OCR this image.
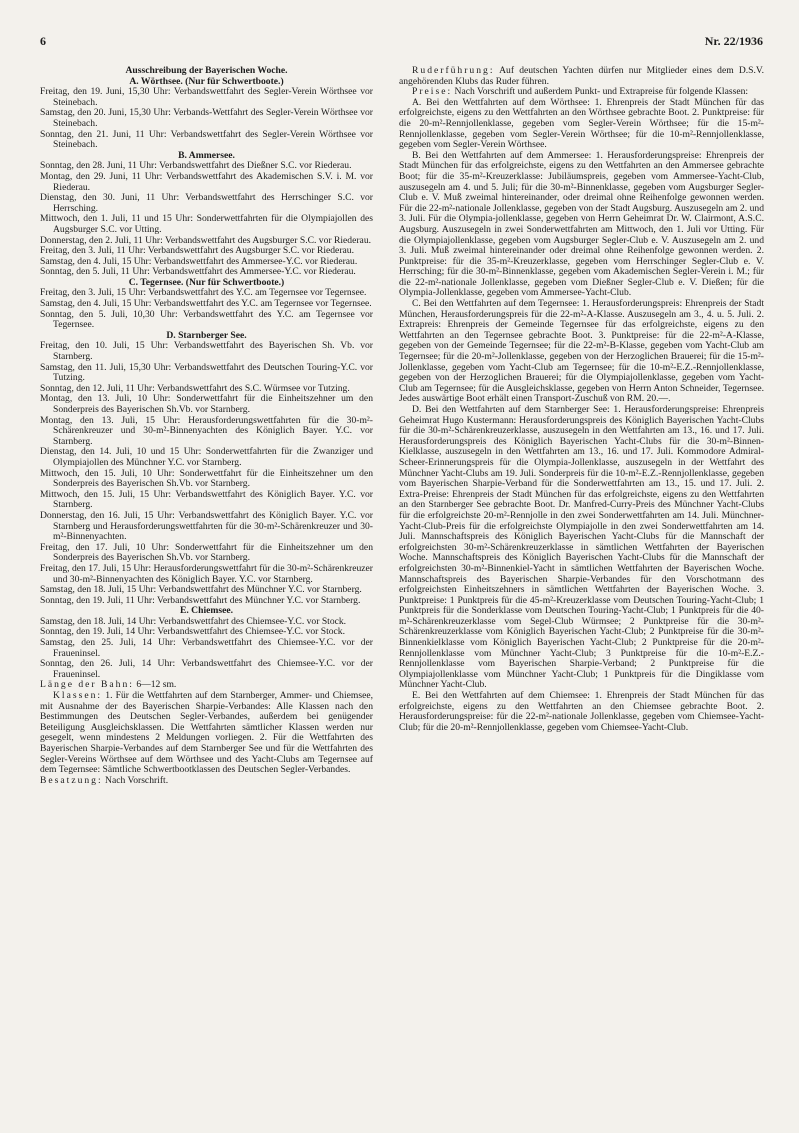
6	Nr. 22/1936

Ausschreibung der Bayerischen Woche.

A. Wörthsee. (Nur für Schwertboote.)

Freitag, den 19. Juni, 15,30 Uhr: Verbandswettfahrt des Segler-Verein Wörthsee vor Steinebach.

Samstag, den 20. Juni, 15,30 Uhr: Verbands-Wettfahrt des Segler-Verein Wörthsee vor Steinebach.

Sonntag, den 21. Juni, 11 Uhr: Verbandswettfahrt des Segler-Verein Wörthsee vor Steinebach.

B. Ammersee.

Sonntag, den 28. Juni, 11 Uhr: Verbandswettfahrt des Dießner S.C. vor Riederau.

Montag, den 29. Juni, 11 Uhr: Verbandswettfahrt des Akademischen S.V. i. M. vor Riederau.

Dienstag, den 30. Juni, 11 Uhr: Verbandswettfahrt des Herrschinger S.C. vor Herrsching.

Mittwoch, den 1. Juli, 11 und 15 Uhr: Sonderwettfahrten für die Olympiajollen des Augsburger S.C. vor Utting.

Donnerstag, den 2. Juli, 11 Uhr: Verbandswettfahrt des Augsburger S.C. vor Riederau.

Freitag, den 3. Juli, 11 Uhr: Verbandswettfahrt des Augsburger S.C. vor Riederau.

Samstag, den 4. Juli, 15 Uhr: Verbandswettfahrt des Ammersee-Y.C. vor Riederau.

Sonntag, den 5. Juli, 11 Uhr: Verbandswettfahrt des Ammersee-Y.C. vor Riederau.

C. Tegernsee. (Nur für Schwertboote.)

Freitag, den 3. Juli, 15 Uhr: Verbandswettfahrt des Y.C. am Tegernsee vor Tegernsee.

Samstag, den 4. Juli, 15 Uhr: Verbandswettfahrt des Y.C. am Tegernsee vor Tegernsee.

Sonntag, den 5. Juli, 10,30 Uhr: Verbandswettfahrt des Y.C. am Tegernsee vor Tegernsee.

D. Starnberger See.

Freitag, den 10. Juli, 15 Uhr: Verbandswettfahrt des Bayerischen Sh. Vb. vor Starnberg.

Samstag, den 11. Juli, 15,30 Uhr: Verbandswettfahrt des Deutschen Touring-Y.C. vor Tutzing.

Sonntag, den 12. Juli, 11 Uhr: Verbandswettfahrt des S.C. Würmsee vor Tutzing.

Montag, den 13. Juli, 10 Uhr: Sonderwettfahrt für die Einheitszehner um den Sonderpreis des Bayerischen Sh.Vb. vor Starnberg.

Montag, den 13. Juli, 15 Uhr: Herausforderungswettfahrten für die 30-m²-Schärenkreuzer und 30-m²-Binnenyachten des Königlich Bayer. Y.C. vor Starnberg.

Dienstag, den 14. Juli, 10 und 15 Uhr: Sonderwettfahrten für die Zwanziger und Olympiajollen des Münchner Y.C. vor Starnberg.

Mittwoch, den 15. Juli, 10 Uhr: Sonderwettfahrt für die Einheitszehner um den Sonderpreis des Bayerischen Sh.Vb. vor Starnberg.

Mittwoch, den 15. Juli, 15 Uhr: Verbandswettfahrt des Königlich Bayer. Y.C. vor Starnberg.

Donnerstag, den 16. Juli, 15 Uhr: Verbandswettfahrt des Königlich Bayer. Y.C. vor Starnberg und Herausforderungswettfahrten für die 30-m²-Schärenkreuzer und 30-m²-Binnenyachten.

Freitag, den 17. Juli, 10 Uhr: Sonderwettfahrt für die Einheitszehner um den Sonderpreis des Bayerischen Sh.Vb. vor Starnberg.

Freitag, den 17. Juli, 15 Uhr: Herausforderungswettfahrt für die 30-m²-Schärenkreuzer und 30-m²-Binnenyachten des Königlich Bayer. Y.C. vor Starnberg.

Samstag, den 18. Juli, 15 Uhr: Verbandswettfahrt des Münchner Y.C. vor Starnberg.

Sonntag, den 19. Juli, 11 Uhr: Verbandswettfahrt des Münchner Y.C. vor Starnberg.

E. Chiemsee.

Samstag, den 18. Juli, 14 Uhr: Verbandswettfahrt des Chiemsee-Y.C. vor Stock.

Sonntag, den 19. Juli, 14 Uhr: Verbandswettfahrt des Chiemsee-Y.C. vor Stock.

Samstag, den 25. Juli, 14 Uhr: Verbandswettfahrt des Chiemsee-Y.C. vor der Fraueninsel.

Sonntag, den 26. Juli, 14 Uhr: Verbandswettfahrt des Chiemsee-Y.C. vor der Fraueninsel.

Länge der Bahn: 6—12 sm.

Klassen: 1. Für die Wettfahrten auf dem Starnberger, Ammer- und Chiemsee, mit Ausnahme der des Bayerischen Sharpie-Verbandes: Alle Klassen nach den Bestimmungen des Deutschen Segler-Verbandes, außerdem bei genügender Beteiligung Ausgleichsklassen. Die Wettfahrten sämtlicher Klassen werden nur gesegelt, wenn mindestens 2 Meldungen vorliegen. 2. Für die Wettfahrten des Bayerischen Sharpie-Verbandes auf dem Starnberger See und für die Wettfahrten des Segler-Vereins Wörthsee auf dem Wörthsee und des Yacht-Clubs am Tegernsee auf dem Tegernsee: Sämtliche Schwertbootklassen des Deutschen Segler-Verbandes.

Besatzung: Nach Vorschrift.

Ruderführung: Auf deutschen Yachten dürfen nur Mitglieder eines dem D.S.V. angehörenden Klubs das Ruder führen.

Preise: Nach Vorschrift und außerdem Punkt- und Extrapreise für folgende Klassen:

A. Bei den Wettfahrten auf dem Wörthsee: 1. Ehrenpreis der Stadt München für das erfolgreichste, eigens zu den Wettfahrten an den Wörthsee gebrachte Boot. 2. Punktpreise: für die 20-m²-Rennjollenklasse, gegeben vom Segler-Verein Wörthsee; für die 15-m²-Rennjollenklasse, gegeben vom Segler-Verein Wörthsee; für die 10-m²-Rennjollenklasse, gegeben vom Segler-Verein Wörthsee.

B. Bei den Wettfahrten auf dem Ammersee: 1. Herausforderungspreise: Ehrenpreis der Stadt München für das erfolgreichste, eigens zu den Wettfahrten an den Ammersee gebrachte Boot; für die 35-m²-Kreuzerklasse: Jubiläumspreis, gegeben vom Ammersee-Yacht-Club, auszusegeln am 4. und 5. Juli; für die 30-m²-Binnenklasse, gegeben vom Augsburger Segler-Club e. V. Muß zweimal hintereinander, oder dreimal ohne Reihenfolge gewonnen werden. Für die 22-m²-nationale Jollenklasse, gegeben von der Stadt Augsburg. Auszusegeln am 2. und 3. Juli. Für die Olympia-jollenklasse, gegeben von Herrn Geheimrat Dr. W. Clairmont, A.S.C. Augsburg. Auszusegeln in zwei Sonderwettfahrten am Mittwoch, den 1. Juli vor Utting. Für die Olympiajollenklasse, gegeben vom Augsburger Segler-Club e. V. Auszusegeln am 2. und 3. Juli. Muß zweimal hintereinander oder dreimal ohne Reihenfolge gewonnen werden. 2. Punktpreise: für die 35-m²-Kreuzerklasse, gegeben vom Herrschinger Segler-Club e. V. Herrsching; für die 30-m²-Binnenklasse, gegeben vom Akademischen Segler-Verein i. M.; für die 22-m²-nationale Jollenklasse, gegeben vom Dießner Segler-Club e. V. Dießen; für die Olympia-Jollenklasse, gegeben vom Ammersee-Yacht-Club.

C. Bei den Wettfahrten auf dem Tegernsee: 1. Herausforderungspreis: Ehrenpreis der Stadt München, Herausforderungspreis für die 22-m²-A-Klasse. Auszusegeln am 3., 4. u. 5. Juli. 2. Extrapreis: Ehrenpreis der Gemeinde Tegernsee für das erfolgreichste, eigens zu den Wettfahrten an den Tegernsee gebrachte Boot. 3. Punktpreise: für die 22-m²-A-Klasse, gegeben von der Gemeinde Tegernsee; für die 22-m²-B-Klasse, gegeben vom Yacht-Club am Tegernsee; für die 20-m²-Jollenklasse, gegeben von der Herzoglichen Brauerei; für die 15-m²-Jollenklasse, gegeben vom Yacht-Club am Tegernsee; für die 10-m²-E.Z.-Rennjollenklasse, gegeben von der Herzoglichen Brauerei; für die Olympiajollenklasse, gegeben vom Yacht-Club am Tegernsee; für die Ausgleichsklasse, gegeben von Herrn Anton Schneider, Tegernsee. Jedes auswärtige Boot erhält einen Transport-Zuschuß von RM. 20.—.

D. Bei den Wettfahrten auf dem Starnberger See: 1. Herausforderungspreise: Ehrenpreis Geheimrat Hugo Kustermann: Herausforderungspreis des Königlich Bayerischen Yacht-Clubs für die 30-m²-Schärenkreuzerklasse, auszusegeln in den Wettfahrten am 13., 16. und 17. Juli. Herausforderungspreis des Königlich Bayerischen Yacht-Clubs für die 30-m²-Binnen-Kielklasse, auszusegeln in den Wettfahrten am 13., 16. und 17. Juli. Kommodore Admiral-Scheer-Erinnerungspreis für die Olympia-Jollenklasse, auszusegeln in der Wettfahrt des Münchner Yacht-Clubs am 19. Juli. Sonderpreis für die 10-m²-E.Z.-Rennjollenklasse, gegeben vom Bayerischen Sharpie-Verband für die Sonderwettfahrten am 13., 15. und 17. Juli. 2. Extra-Preise: Ehrenpreis der Stadt München für das erfolgreichste, eigens zu den Wettfahrten an den Starnberger See gebrachte Boot. Dr. Manfred-Curry-Preis des Münchner Yacht-Clubs für die erfolgreichste 20-m²-Rennjolle in den zwei Sonderwettfahrten am 14. Juli. Münchner-Yacht-Club-Preis für die erfolgreichste Olympiajolle in den zwei Sonderwettfahrten am 14. Juli. Mannschaftspreis des Königlich Bayerischen Yacht-Clubs für die Mannschaft der erfolgreichsten 30-m²-Schärenkreuzerklasse in sämtlichen Wettfahrten der Bayerischen Woche. Mannschaftspreis des Königlich Bayerischen Yacht-Clubs für die Mannschaft der erfolgreichsten 30-m²-Binnenkiel-Yacht in sämtlichen Wettfahrten der Bayerischen Woche. Mannschaftspreis des Bayerischen Sharpie-Verbandes für den Vorschotmann des erfolgreichsten Einheitszehners in sämtlichen Wettfahrten der Bayerischen Woche. 3. Punktpreise: 1 Punktpreis für die 45-m²-Kreuzerklasse vom Deutschen Touring-Yacht-Club; 1 Punktpreis für die Sonderklasse vom Deutschen Touring-Yacht-Club; 1 Punktpreis für die 40-m²-Schärenkreuzerklasse vom Segel-Club Würmsee; 2 Punktpreise für die 30-m²-Schärenkreuzerklasse vom Königlich Bayerischen Yacht-Club; 2 Punktpreise für die 30-m²-Binnenkielklasse vom Königlich Bayerischen Yacht-Club; 2 Punktpreise für die 20-m²-Rennjollenklasse vom Münchner Yacht-Club; 3 Punktpreise für die 10-m²-E.Z.-Rennjollenklasse vom Bayerischen Sharpie-Verband; 2 Punktpreise für die Olympiajollenklasse vom Münchner Yacht-Club; 1 Punktpreis für die Dingiklasse vom Münchner Yacht-Club.

E. Bei den Wettfahrten auf dem Chiemsee: 1. Ehrenpreis der Stadt München für das erfolgreichste, eigens zu den Wettfahrten an den Chiemsee gebrachte Boot. 2. Herausforderungspreise: für die 22-m²-nationale Jollenklasse, gegeben vom Chiemsee-Yacht-Club; für die 20-m²-Rennjollenklasse, gegeben vom Chiemsee-Yacht-Club.
